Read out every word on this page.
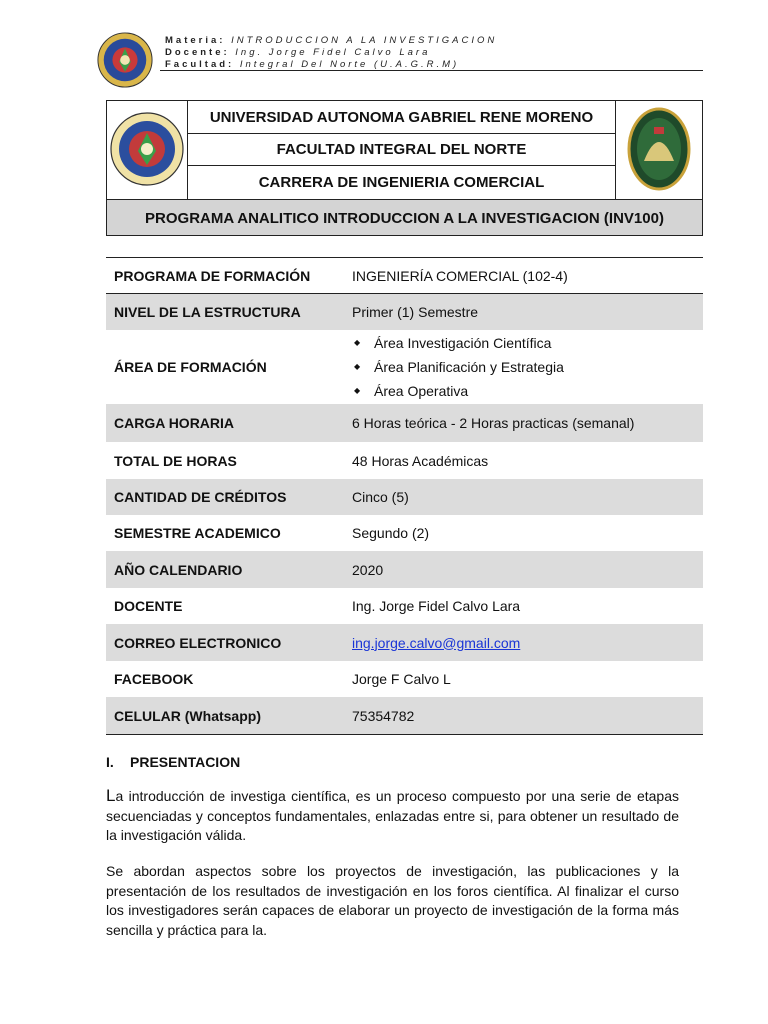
Materia: INTRODUCCION A LA INVESTIGACION
Docente: Ing. Jorge Fidel Calvo Lara
Facultad: Integral Del Norte (U.A.G.R.M)
UNIVERSIDAD AUTONOMA GABRIEL RENE MORENO
FACULTAD INTEGRAL DEL NORTE
CARRERA DE INGENIERIA COMERCIAL
PROGRAMA ANALITICO INTRODUCCION A LA INVESTIGACION (INV100)
PROGRAMA DE FORMACIÓN	INGENIERÍA COMERCIAL (102-4)
NIVEL DE LA ESTRUCTURA	Primer (1) Semestre
ÁREA DE FORMACIÓN
◆ Área Investigación Científica
◆ Área Planificación y Estrategia
◆ Área Operativa
CARGA HORARIA	6 Horas teórica - 2 Horas practicas (semanal)
TOTAL DE HORAS	48 Horas Académicas
CANTIDAD DE CRÉDITOS	Cinco (5)
SEMESTRE ACADEMICO	Segundo (2)
AÑO CALENDARIO	2020
DOCENTE	Ing. Jorge Fidel Calvo Lara
CORREO ELECTRONICO	ing.jorge.calvo@gmail.com
FACEBOOK	Jorge F Calvo L
CELULAR (Whatsapp)	75354782
I. PRESENTACION
La introducción de investiga científica, es un proceso compuesto por una serie de etapas secuenciadas y conceptos fundamentales, enlazadas entre si, para obtener un resultado de la investigación válida.
Se abordan aspectos sobre los proyectos de investigación, las publicaciones y la presentación de los resultados de investigación en los foros científica. Al finalizar el curso los investigadores serán capaces de elaborar un proyecto de investigación de la forma más sencilla y práctica para la.
